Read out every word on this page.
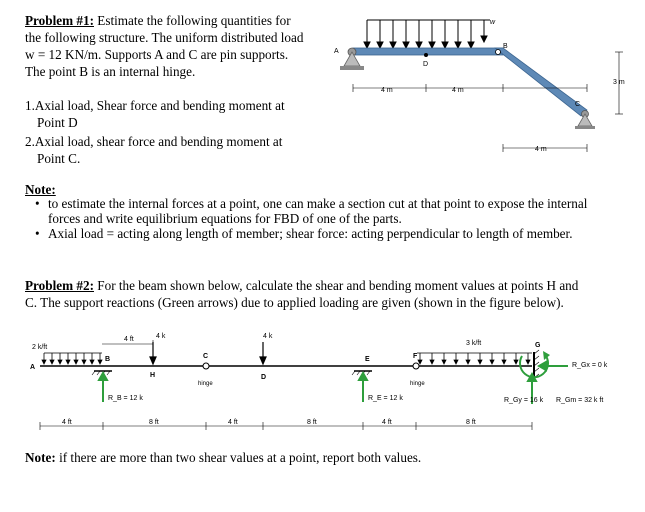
Problem #1: Estimate the following quantities for
the following structure. The uniform distributed load
w = 12 KN/m. Supports A and C are pin supports.
The point B is an internal hinge.
1.Axial load, Shear force and bending moment at
Point D
2.Axial load, shear force and bending moment at
Point C.
w
A
B
D
C
4 m	4 m
3 m
4 m
Note:
• to estimate the internal forces at a point, one can make a section cut at that point to expose the internal
forces and write equilibrium equations for FBD of one of the parts.
• Axial load = acting along length of member; shear force: acting perpendicular to length of member.
Problem #2: For the beam shown below, calculate the shear and bending moment values at points H and
C. The support reactions (Green arrows) due to applied loading are given (shown in the figure below).
2 k/ft
4 ft	4 k	4 k
3 k/ft
A
B
H
C
D
E	F
G
hinge	hinge
R_B = 12 k	R_E = 12 k
R_Gx = 0 k
R_Gy = 16 k R_Gm = 32 k ft
4 ft	8 ft	4 ft	8 ft	4 ft	8 ft
Note: if there are more than two shear values at a point, report both values.
